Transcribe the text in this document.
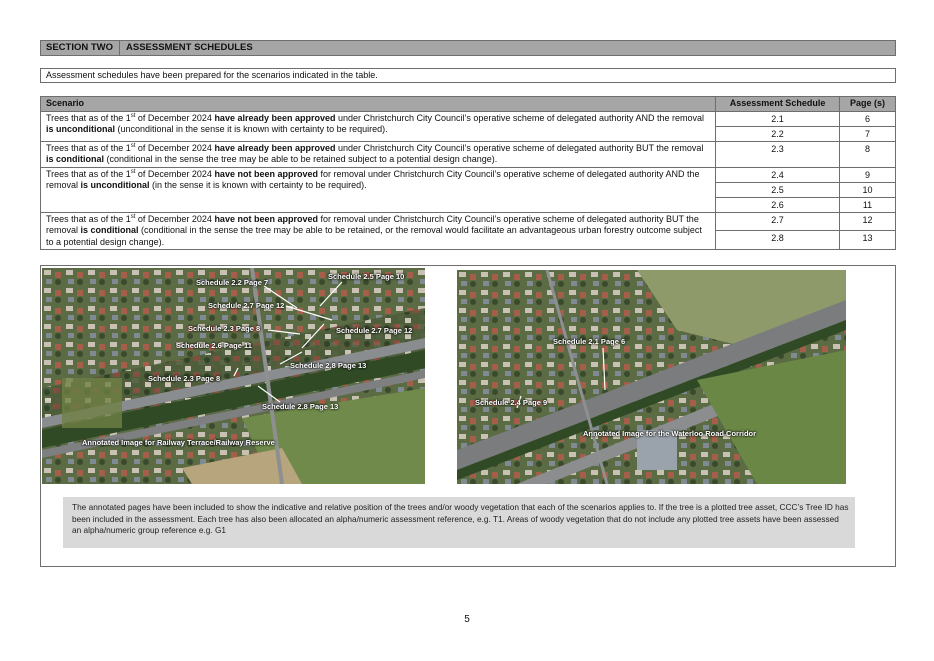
SECTION TWO	ASSESSMENT SCHEDULES
Assessment schedules have been prepared for the scenarios indicated in the table.
Scenario	Assessment Schedule	Page (s)
Trees that as of the 1st of December 2024 have already been approved under Christchurch City Council’s operative scheme of delegated authority AND the removal is unconditional (unconditional in the sense it is known with certainty to be required).	2.1	6
	2.2	7
Trees that as of the 1st of December 2024 have already been approved under Christchurch City Council’s operative scheme of delegated authority BUT the removal is conditional (conditional in the sense the tree may be able to be retained subject to a potential design change).	2.3	8
Trees that as of the 1st of December 2024 have not been approved for removal under Christchurch City Council’s operative scheme of delegated authority AND the removal is unconditional (in the sense it is known with certainty to be required).	2.4	9
	2.5	10
	2.6	11
Trees that as of the 1st of December 2024 have not been approved for removal under Christchurch City Council’s operative scheme of delegated authority BUT the removal is conditional (conditional in the sense the tree may be able to be retained, or the removal would facilitate an advantageous urban forestry outcome subject to a potential design change).	2.7	12
	2.8	13
Schedule 2.2 Page 7
Schedule 2.5 Page 10
Schedule 2.7 Page 12
Schedule 2.3 Page 8	Schedule 2.7 Page 12
Schedule 2.6 Page 11
Schedule 2.8 Page 13
Schedule 2.3 Page 8
Schedule 2.8 Page 13
Annotated Image for Railway Terrace/Railway Reserve
Schedule 2.1 Page 6
Schedule 2.4 Page 9
Annotated Image for the Waterloo Road Corridor
The annotated pages have been included to show the indicative and relative position of the trees and/or woody vegetation that each of the scenarios applies to. If the tree is a plotted tree asset, CCC’s Tree ID has been included in the assessment. Each tree has also been allocated an alpha/numeric assessment reference, e.g. T1. Areas of woody vegetation that do not include any plotted tree assets have been assessed an alpha/numeric group reference e.g. G1
5
